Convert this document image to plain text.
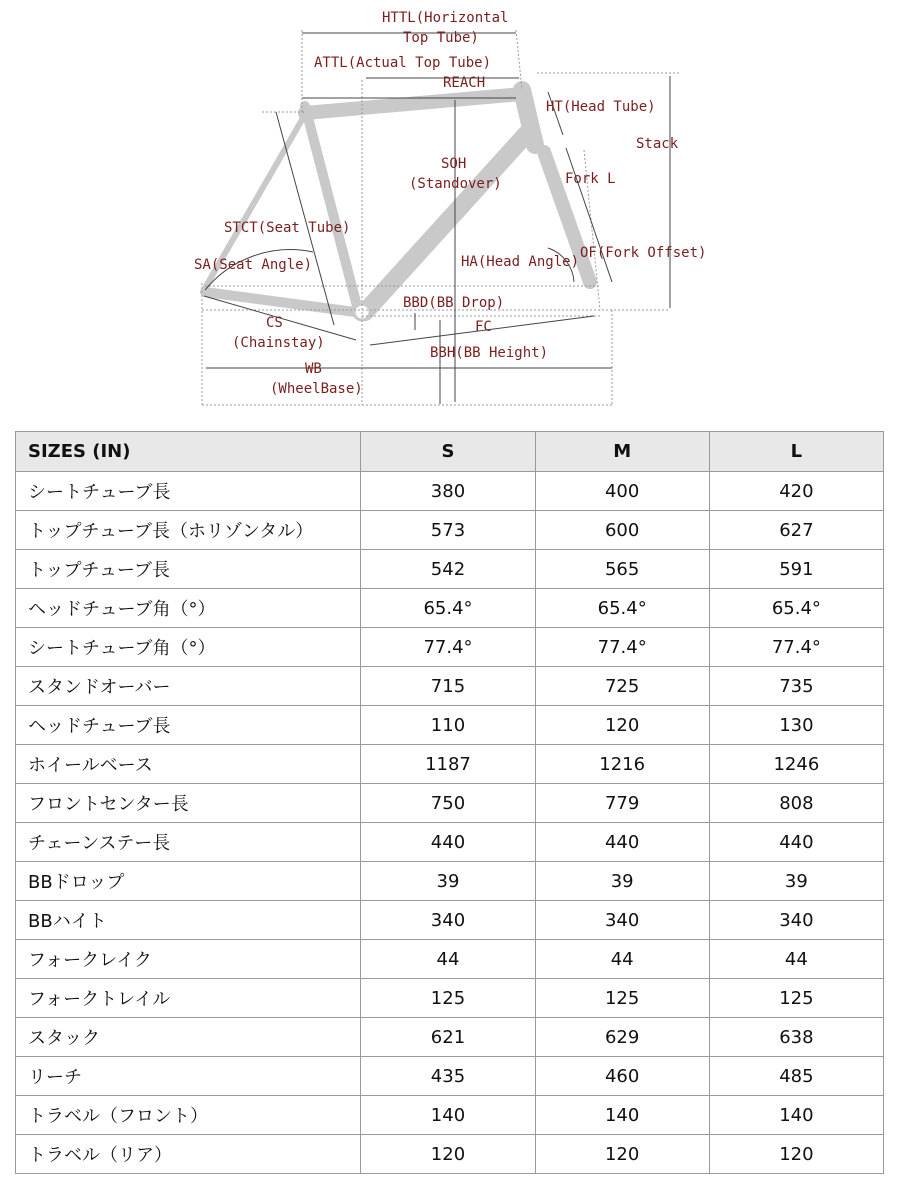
HTTL(Horizontal
Top Tube)
ATTL(Actual Top Tube)
REACH
HT(Head Tube)
Stack
SOH
(Standover)	Fork L
STCT(Seat Tube)
SA(Seat Angle)	HA(Head Angle)
OF(Fork Offset)
BBD(BB Drop)
CS
(Chainstay)
FC
BBH(BB Height)
WB
(WheelBase)
SIZES (IN)	S	M	L
シートチューブ長	380	400	420
トップチューブ長（ホリゾンタル）	573	600	627
トップチューブ長	542	565	591
ヘッドチューブ角（°）	65.4°	65.4°	65.4°
シートチューブ角（°）	77.4°	77.4°	77.4°
スタンドオーバー	715	725	735
ヘッドチューブ長	110	120	130
ホイールベース	1187	1216	1246
フロントセンター長	750	779	808
チェーンステー長	440	440	440
BBドロップ	39	39	39
BBハイト	340	340	340
フォークレイク	44	44	44
フォークトレイル	125	125	125
スタック	621	629	638
リーチ	435	460	485
トラベル（フロント）	140	140	140
トラベル（リア）	120	120	120
